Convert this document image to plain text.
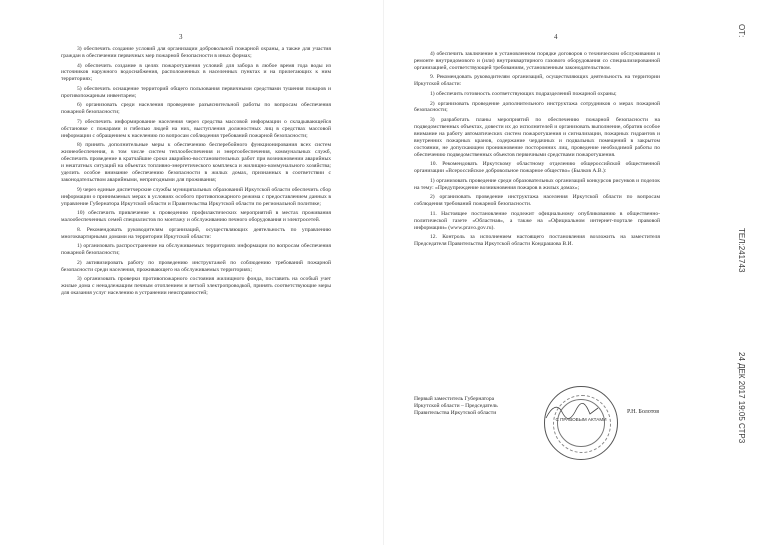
3

3) обеспечить создание условий для организации добровольной пожарной охраны, а также для участия граждан в обеспечении первичных мер пожарной безопасности в иных формах;

4) обеспечить создание в целях пожаротушения условий для забора в любое время года воды из источников наружного водоснабжения, расположенных в населенных пунктах и на прилегающих к ним территориях;

5) обеспечить оснащение территорий общего пользования первичными средствами тушения пожаров и противопожарным инвентарем;

6) организовать среди населения проведение разъяснительной работы по вопросам обеспечения пожарной безопасности;

7) обеспечить информирование населения через средства массовой информации о складывающейся обстановке с пожарами и гибелью людей на них, выступления должностных лиц в средствах массовой информации с обращением к населению по вопросам соблюдения требований пожарной безопасности;

8) принять дополнительные меры к обеспечению бесперебойного функционирования всех систем жизнеобеспечения, в том числе систем теплообеспечения и энергообеспечения, коммунальных служб, обеспечить проведение в кратчайшие сроки аварийно-восстановительных работ при возникновении аварийных и нештатных ситуаций на объектах топливно-энергетического комплекса и жилищно-коммунального хозяйства; уделить особое внимание обеспечению безопасности в жилых домах, признанных в соответствии с законодательством аварийными, непригодными для проживания;

9) через единые диспетчерские службы муниципальных образований Иркутской области обеспечить сбор информации о принимаемых мерах в условиях особого противопожарного режима с предоставлением данных в управление Губернатора Иркутской области и Правительства Иркутской области по региональной политике;

10) обеспечить привлечение к проведению профилактических мероприятий в местах проживания малообеспеченных семей специалистов по монтажу и обслуживанию печного оборудования и электросетей.

8. Рекомендовать руководителям организаций, осуществляющих деятельность по управлению многоквартирными домами на территории Иркутской области:

1) организовать распространение на обслуживаемых территориях информации по вопросам обеспечения пожарной безопасности;

2) активизировать работу по проведению инструктажей по соблюдению требований пожарной безопасности среди населения, проживающего на обслуживаемых территориях;

3) организовать проверки противопожарного состояния жилищного фонда, поставить на особый учет жилые дома с ненадлежащим печным отоплением и ветхой электропроводкой, принять соответствующие меры для оказания услуг населению в устранении неисправностей;

4

4) обеспечить заключение в установленном порядке договоров о техническом обслуживании и ремонте внутридомового и (или) внутриквартирного газового оборудования со специализированной организацией, соответствующей требованиям, установленным законодательством.

9. Рекомендовать руководителям организаций, осуществляющих деятельность на территории Иркутской области:

1) обеспечить готовность соответствующих подразделений пожарной охраны;

2) организовать проведение дополнительного инструктажа сотрудников о мерах пожарной безопасности;

3) разработать планы мероприятий по обеспечению пожарной безопасности на подведомственных объектах, довести их до исполнителей и организовать выполнение, обратив особое внимание на работу автоматических систем пожаротушения и сигнализации, пожарных гидрантов и внутренних пожарных кранов, содержание чердачных и подвальных помещений в закрытом состоянии, не допускающем проникновение посторонних лиц, проведение необходимой работы по обеспечению подведомственных объектов первичными средствами пожаротушения.

10. Рекомендовать Иркутскому областному отделению общероссийской общественной организации «Всероссийское добровольное пожарное общество» (Былков А.В.):

1) организовать проведение среди образовательных организаций конкурсов рисунков и поделок на тему: «Предупреждение возникновения пожаров в жилых домах»;

2) организовать проведение инструктажа населения Иркутской области по вопросам соблюдения требований пожарной безопасности.

11. Настоящее постановление подлежит официальному опубликованию в общественно-политической газете «Областная», а также на «Официальном интернет-портале правовой информации» (www.pravo.gov.ru).

12. Контроль за исполнением настоящего постановления возложить на заместителя Председателя Правительства Иркутской области Кондрашова В.И.

Первый заместитель Губернатора
Иркутской области – Председатель
Правительства Иркутской области
С ПРАВОВЫМ АКТАМИ
Р.Н. Болотов
ОТ:
ТЕЛ:241743
24 ДЕК 2017 19:05 СТР3
